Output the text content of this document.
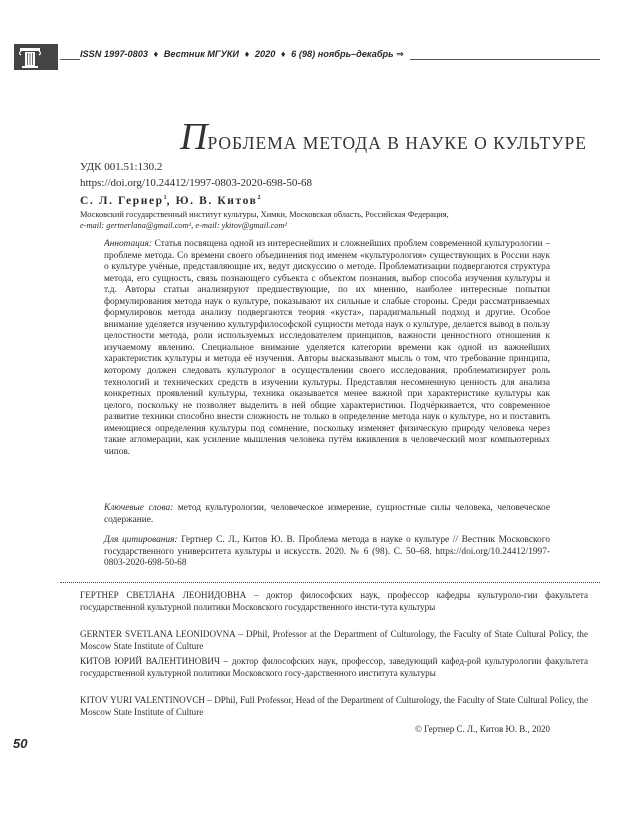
ISSN 1997-0803 ♦ Вестник МГУКИ ♦ 2020 ♦ 6 (98) ноябрь–декабрь ⇒
ПРОБЛЕМА МЕТОДА В НАУКЕ О КУЛЬТУРЕ
УДК 001.51:130.2
https://doi.org/10.24412/1997-0803-2020-698-50-68
С. Л. Гернер$^1$, Ю. В. Китов$^2$
Московский государственный институт культуры, Химки, Московская область, Российская Федерация,
e-mail: gertnerlana@gmail.com¹, e-mail: ykitov@gmail.com²
Аннотация: Статья посвящена одной из интереснейших и сложнейших проблем современной культурологии – проблеме метода. Со времени своего объединения под именем «культурология» существующих в России наук о культуре учёные, представляющие их, ведут дискуссию о методе. Проблематизации подвергаются структура метода, его сущность, связь познающего субъекта с объектом познания, выбор способа изучения культуры и т.д. Авторы статьи анализируют предшествующие, по их мнению, наиболее интересные попытки формулирования метода наук о культуре, показывают их сильные и слабые стороны. Среди рассматриваемых формулировок метода анализу подвергаются теория «куста», парадигмальный подход и другие. Особое внимание уделяется изучению культурфилософской сущности метода наук о культуре, делается вывод в пользу целостности метода, роли используемых исследователем принципов, важности ценностного отношения к изучаемому явлению. Специальное внимание уделяется категории времени как одной из важнейших характеристик культуры и метода её изучения. Авторы высказывают мысль о том, что требование принципа, которому должен следовать культуролог в осуществлении своего исследования, проблематизирует роль технологий и технических средств в изучении культуры. Представляя несомненную ценность для анализа конкретных проявлений культуры, техника оказывается менее важной при характеристике культуры как целого, поскольку не позволяет выделить в ней общие характеристики. Подчёркивается, что современное развитие техники способно внести сложность не только в определение метода наук о культуре, но и поставить имеющиеся определения культуры под сомнение, поскольку изменяет физическую природу человека через такие агломерации, как усиление мышления человека путём вживления в человеческий мозг компьютерных чипов.
Ключевые слова: метод культурологии, человеческое измерение, сущностные силы человека, человеческое содержание.
Для цитирования: Гертнер С. Л., Китов Ю. В. Проблема метода в науке о культуре // Вестник Московского государственного университета культуры и искусств. 2020. № 6 (98). С. 50–68. https://doi.org/10.24412/1997-0803-2020-698-50-68
ГЕРТНЕР СВЕТЛАНА ЛЕОНИДОВНА – доктор философских наук, профессор кафедры культуроло-гии факультета государственной культурной политики Московского государственного инсти-тута культуры
GERNTER SVETLANA LEONIDOVNA – DPhil, Professor at the Department of Culturology, the Faculty of State Cultural Policy, the Moscow State Institute of Culture
КИТОВ ЮРИЙ ВАЛЕНТИНОВИЧ – доктор философских наук, профессор, заведующий кафед-рой культурологии факультета государственной культурной политики Московского госу-дарственного института культуры
KITOV YURI VALENTINOVCH – DPhil, Full Professor, Head of the Department of Culturology, the Faculty of State Cultural Policy, the Moscow State Institute of Culture
© Гертнер С. Л., Китов Ю. В., 2020
50
